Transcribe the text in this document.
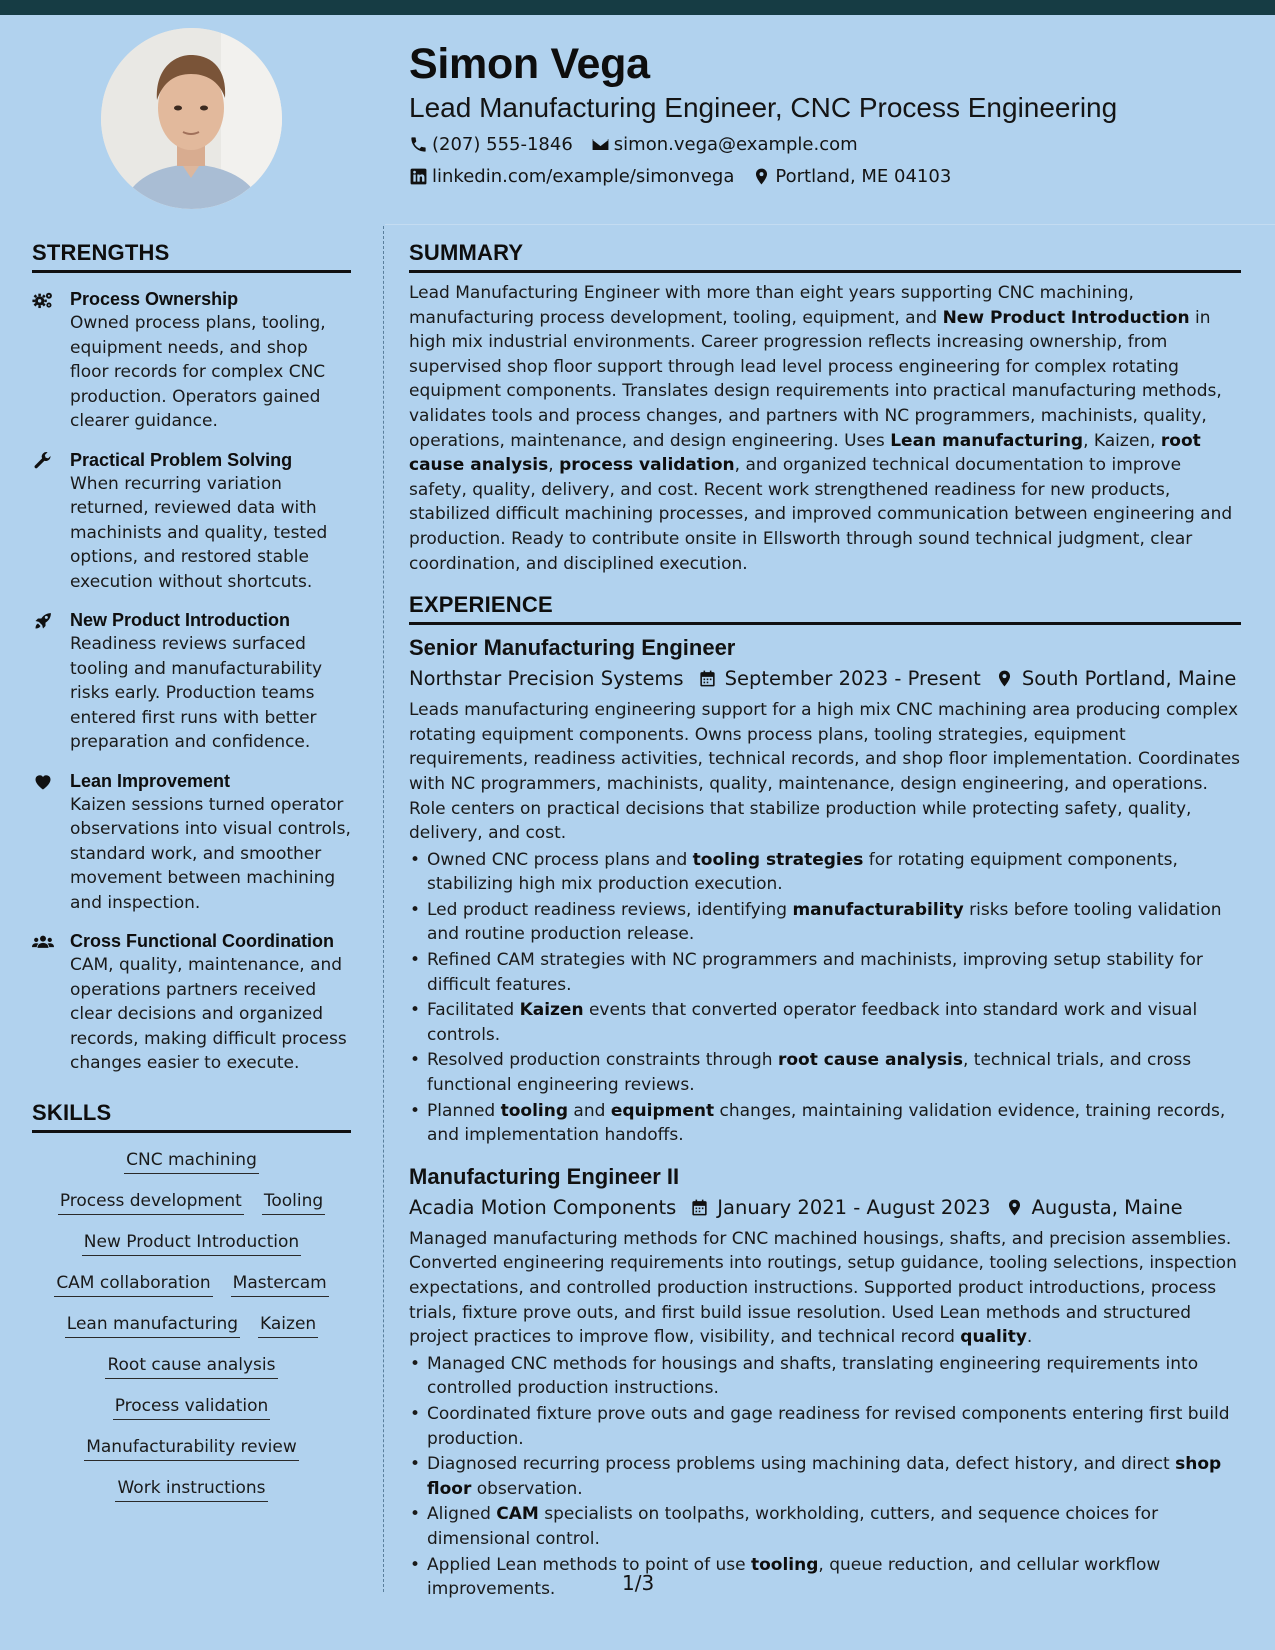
Simon Vega
Lead Manufacturing Engineer, CNC Process Engineering
(207) 555-1846 simon.vega@example.com
linkedin.com/example/simonvega Portland, ME 04103
STRENGTHS
Process Ownership
Owned process plans, tooling, equipment needs, and shop floor records for complex CNC production. Operators gained clearer guidance.
Practical Problem Solving
When recurring variation returned, reviewed data with machinists and quality, tested options, and restored stable execution without shortcuts.
New Product Introduction
Readiness reviews surfaced tooling and manufacturability risks early. Production teams entered first runs with better preparation and confidence.
Lean Improvement
Kaizen sessions turned operator observations into visual controls, standard work, and smoother movement between machining and inspection.
Cross Functional Coordination
CAM, quality, maintenance, and operations partners received clear decisions and organized records, making difficult process changes easier to execute.
SKILLS
CNC machining
Process development Tooling
New Product Introduction
CAM collaboration Mastercam
Lean manufacturing Kaizen
Root cause analysis
Process validation
Manufacturability review
Work instructions
SUMMARY

Lead Manufacturing Engineer with more than eight years supporting CNC machining, manufacturing process development, tooling, equipment, and New Product Introduction in high mix industrial environments. Career progression reflects increasing ownership, from supervised shop floor support through lead level process engineering for complex rotating equipment components. Translates design requirements into practical manufacturing methods, validates tools and process changes, and partners with NC programmers, machinists, quality, operations, maintenance, and design engineering. Uses Lean manufacturing, Kaizen, root cause analysis, process validation, and organized technical documentation to improve safety, quality, delivery, and cost. Recent work strengthened readiness for new products, stabilized difficult machining processes, and improved communication between engineering and production. Ready to contribute onsite in Ellsworth through sound technical judgment, clear coordination, and disciplined execution.

EXPERIENCE
Senior Manufacturing Engineer
Northstar Precision Systems September 2023 - Present South Portland, Maine

Leads manufacturing engineering support for a high mix CNC machining area producing complex rotating equipment components. Owns process plans, tooling strategies, equipment requirements, readiness activities, technical records, and shop floor implementation. Coordinates with NC programmers, machinists, quality, maintenance, design engineering, and operations. Role centers on practical decisions that stabilize production while protecting safety, quality, delivery, and cost.

• Owned CNC process plans and tooling strategies for rotating equipment components, stabilizing high mix production execution.
• Led product readiness reviews, identifying manufacturability risks before tooling validation and routine production release.
• Refined CAM strategies with NC programmers and machinists, improving setup stability for difficult features.
• Facilitated Kaizen events that converted operator feedback into standard work and visual controls.
• Resolved production constraints through root cause analysis, technical trials, and cross functional engineering reviews.
• Planned tooling and equipment changes, maintaining validation evidence, training records, and implementation handoffs.
Manufacturing Engineer II
Acadia Motion Components January 2021 - August 2023 Augusta, Maine

Managed manufacturing methods for CNC machined housings, shafts, and precision assemblies. Converted engineering requirements into routings, setup guidance, tooling selections, inspection expectations, and controlled production instructions. Supported product introductions, process trials, fixture prove outs, and first build issue resolution. Used Lean methods and structured project practices to improve flow, visibility, and technical record quality.

• Managed CNC methods for housings and shafts, translating engineering requirements into controlled production instructions.
• Coordinated fixture prove outs and gage readiness for revised components entering first build production.
• Diagnosed recurring process problems using machining data, defect history, and direct shop floor observation.
• Aligned CAM specialists on toolpaths, workholding, cutters, and sequence choices for dimensional control.
• Applied Lean methods to point of use tooling, queue reduction, and cellular workflow improvements.	1/3
